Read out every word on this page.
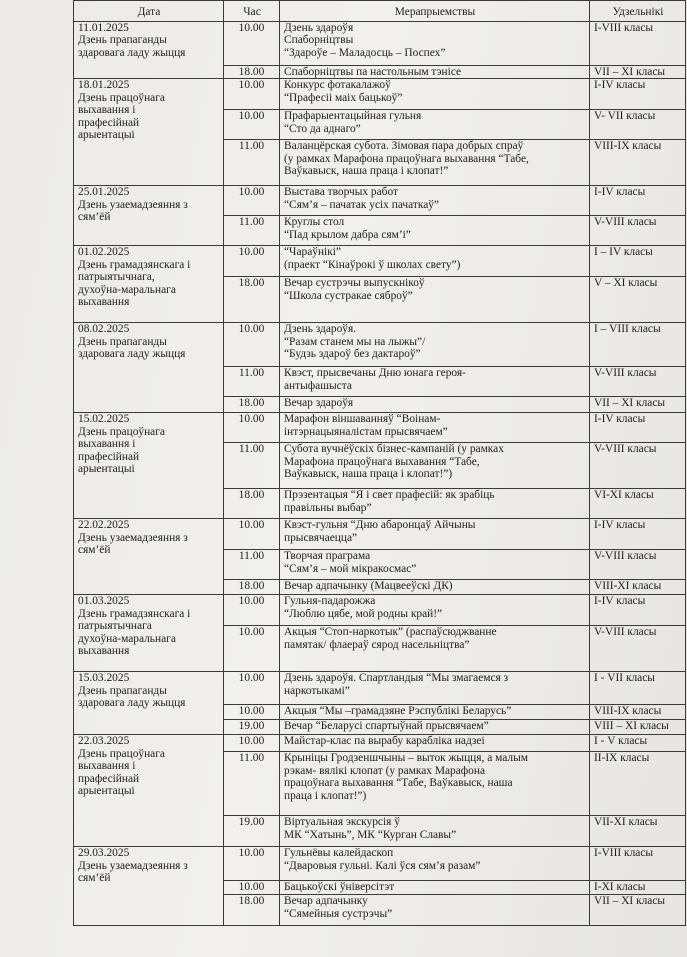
Дата	Час	Мерапрыемствы	Удзельнікі

11.01.2025
Дзень прапаганды
здаровага ладу жыцця	10.00	Дзень здароўя
Спаборніцтвы
“Здароўе – Маладосць – Поспех”	І-VIII класы
	18.00	Спаборніцтвы па настольным тэнісе	VII – XI класы

18.01.2025
Дзень працоўнага
выхавання і
прафесійнай
арыентацыі	10.00	Конкурс фотакалажоў
“Прафесіі маіх бацькоў”	І-ІV класы
	10.00	Прафарыентацыйная гульня
“Сто да аднаго”	V- VII класы
	11.00	Валанцёрская субота. Зімовая пара добрых спраў
(у рамках Марафона працоўнага выхавання “Табе,
Ваўкавыск, наша праца і клопат!”	VIII-ІX класы

25.01.2025
Дзень узаемадзеяння з
сям’ёй	10.00	Выстава творчых работ
“Сям’я – пачатак усіх пачаткаў”	І-ІV класы
	11.00	Круглы стол
“Пад крылом дабра сям’і”	V-VIII класы

01.02.2025
Дзень грамадзянскага і
патрыятычнага,
духоўна-маральнага
выхавання	10.00	“Чараўнікі”
(праект “Кінаўрокі ў школах свету”)	І – ІV класы
	18.00	Вечар сустрэчы выпускнікоў
“Школа сустракае сяброў”	V – XI класы

08.02.2025
Дзень прапаганды
здаровага ладу жыцця	10.00	Дзень здароўя.
“Разам станем мы на лыжы”/
“Будзь здароў без дактароў”	І – VIII класы
	11.00	Квэст, прысвечаны Дню юнага героя-
антыфашыста	V-VIII класы
	18.00	Вечар здароўя	VII – XI класы

15.02.2025
Дзень працоўнага
выхавання і
прафесійнай
арыентацыі	10.00	Марафон віншаванняў “Воінам-
інтэрнацыяналістам прысвячаем”	І-ІV класы
	11.00	Субота вучнёўскіх бізнес-кампаній (у рамках
Марафона працоўнага выхавання “Табе,
Ваўкавыск, наша праца і клопат!”)	V-VIII класы
	18.00	Прэзентацыя “Я і свет прафесій: як зрабіць
правільны выбар”	VІ-XI класы

22.02.2025
Дзень узаемадзеяння з
сям’ёй	10.00	Квэст-гульня “Дню абаронцаў Айчыны
прысвячаецца”	І-ІV класы
	11.00	Творчая праграма
“Сям’я – мой мікракосмас”	V-VIII класы
	18.00	Вечар адпачынку (Мацвееўскі ДК)	VIII-XI класы

01.03.2025
Дзень грамадзянскага і
патрыятычнага
духоўна-маральнага
выхавання	10.00	Гульня-падарожжа
“Люблю цябе, мой родны край!”	І-ІV класы
	10.00	Акцыя “Стоп-наркотык” (распаўсюджванне
памятак/ флаерaў сярод насельніцтва”	V-VIII класы

15.03.2025
Дзень прапаганды
здаровага ладу жыцця	10.00	Дзень здароўя. Спартландыя “Мы змагаемся з
наркотыкамі”	І - VII класы
	10.00	Акцыя “Мы –грамадзяне Рэспублікі Беларусь”	VIII-IX класы
	19.00	Вечар “Беларусі спартыўнай прысвячаем”	VIII – XI класы

22.03.2025
Дзень працоўнага
выхавання і
прафесійнай
арыентацыі	10.00	Майстар-клас па вырабу караблікa надзеі	І - V класы
	11.00	Крыніцы Гродзеншчыны – выток жыцця, а малым
рэкам- вялікі клопат (у рамках Марафона
працоўнага выхавання “Табе, Ваўкавыск, наша
праца і клопат!”)	ІІ-ІX класы
	19.00	Віртуальная экскурсія ў
МК “Хатынь”, МК “Курган Славы”	VІІ-XI класы

29.03.2025
Дзень узаемадзеяння з
сям’ёй	10.00	Гульнёвы калейдаскоп
“Дваровыя гульні. Калі ўся сям’я разам”	І-VIII класы
	10.00	Бацькоўскі ўніверсітэт	І-XI класы
	18.00	Вечар адпачынку
“Сямейныя сустрэчы”	VІІ – XI класы
